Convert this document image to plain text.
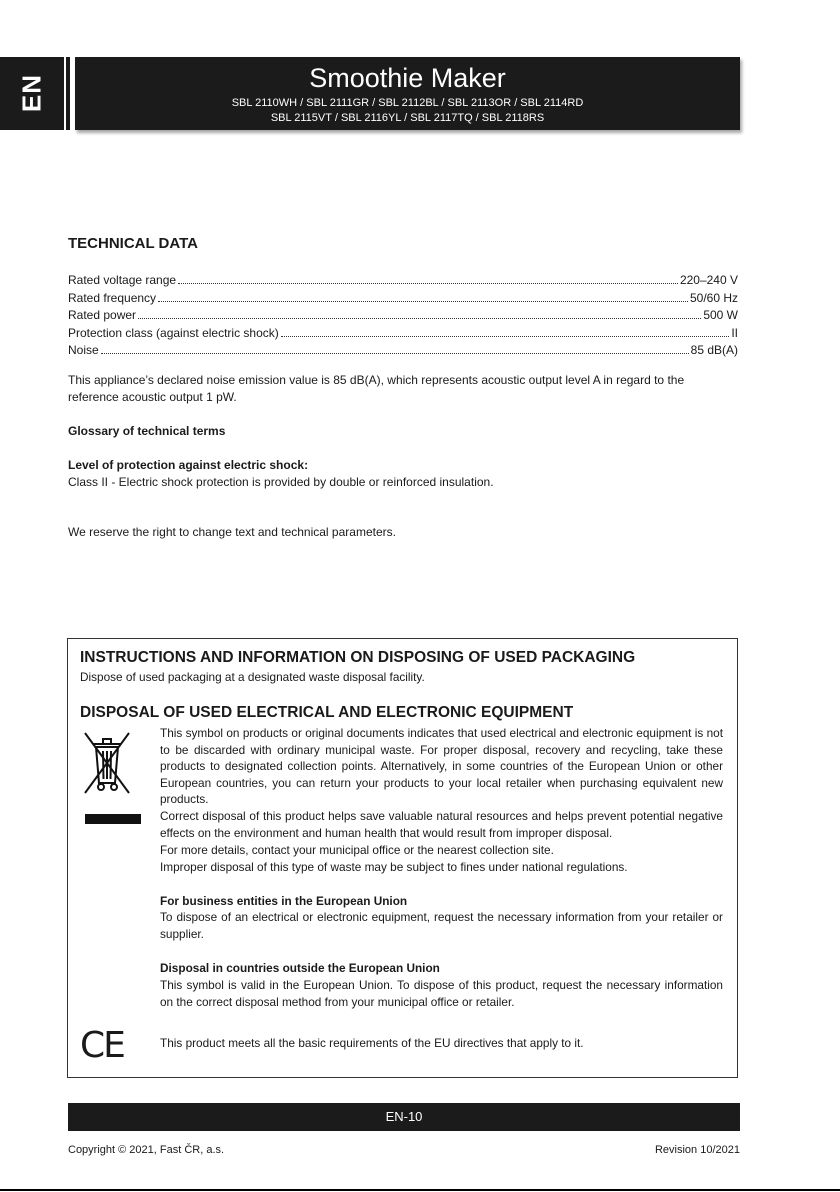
EN	Smoothie Maker
SBL 2110WH / SBL 2111GR / SBL 2112BL / SBL 2113OR / SBL 2114RD
SBL 2115VT / SBL 2116YL / SBL 2117TQ / SBL 2118RS
TECHNICAL DATA
Rated voltage range	220–240 V
Rated frequency	50/60 Hz
Rated power	500 W
Protection class (against electric shock)	II
Noise	85 dB(A)
This appliance’s declared noise emission value is 85 dB(A), which represents acoustic output level A in regard to the reference acoustic output 1 pW.
Glossary of technical terms
Level of protection against electric shock:
Class II - Electric shock protection is provided by double or reinforced insulation.
We reserve the right to change text and technical parameters.
INSTRUCTIONS AND INFORMATION ON DISPOSING OF USED PACKAGING
Dispose of used packaging at a designated waste disposal facility.
DISPOSAL OF USED ELECTRICAL AND ELECTRONIC EQUIPMENT
This symbol on products or original documents indicates that used electrical and electronic equipment is not to be discarded with ordinary municipal waste. For proper disposal, recovery and recycling, take these products to designated collection points. Alternatively, in some countries of the European Union or other European countries, you can return your products to your local retailer when purchasing equivalent new products.
Correct disposal of this product helps save valuable natural resources and helps prevent potential negative effects on the environment and human health that would result from improper disposal.
For more details, contact your municipal office or the nearest collection site.
Improper disposal of this type of waste may be subject to fines under national regulations.
For business entities in the European Union
To dispose of an electrical or electronic equipment, request the necessary information from your retailer or supplier.
Disposal in countries outside the European Union
This symbol is valid in the European Union. To dispose of this product, request the necessary information on the correct disposal method from your municipal office or retailer.
CE	This product meets all the basic requirements of the EU directives that apply to it.
EN-10
Copyright © 2021, Fast ČR, a.s.	Revision 10/2021
